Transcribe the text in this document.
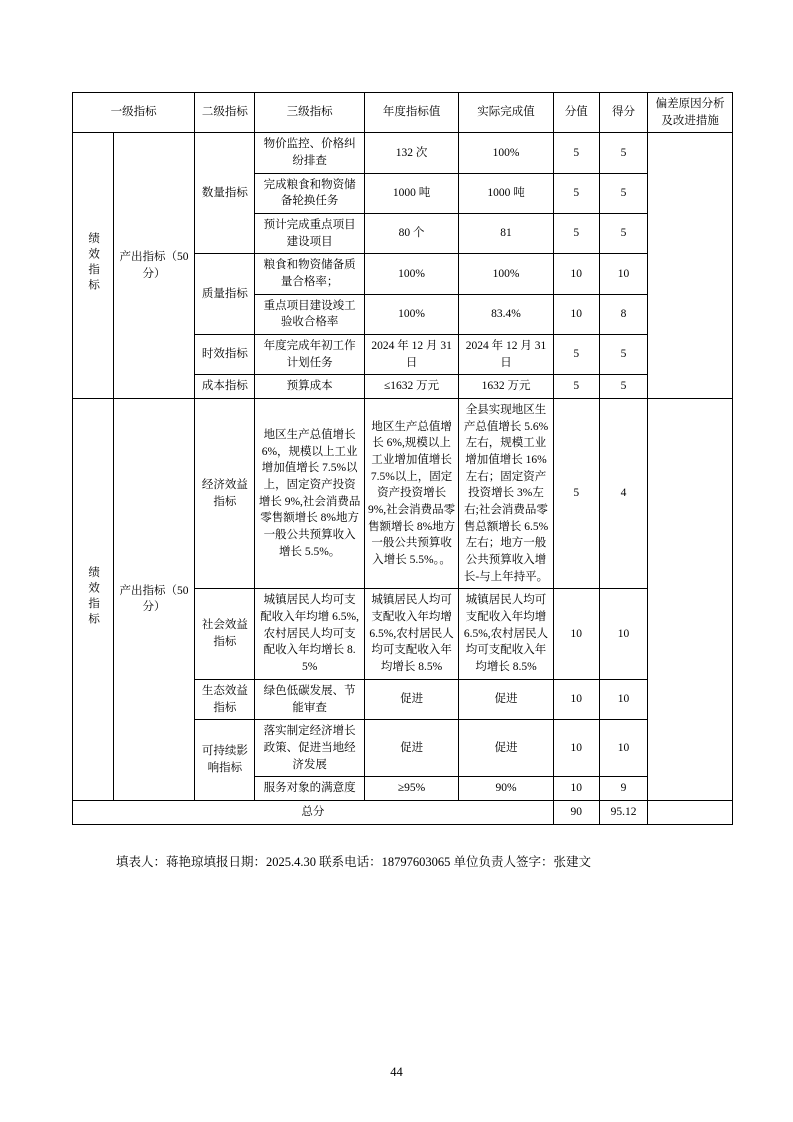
一级指标		二级指标	三级指标	年度指标值	实际完成值	分值	得分	偏差原因分析及改进措施
绩效指标	产出指标（50 分）	数量指标	物价监控、价格纠纷排查	132 次	100%	5	5	
			完成粮食和物资储备轮换任务	1000 吨	1000 吨	5	5	
			预计完成重点项目建设项目	80 个	81	5	5	
		质量指标	粮食和物资储备质量合格率；	100%	100%	10	10	
			重点项目建设竣工验收合格率	100%	83.4%	10	8	
		时效指标	年度完成年初工作计划任务	2024 年 12 月 31 日	2024 年 12 月 31 日	5	5	
		成本指标	预算成本	≤1632 万元	1632 万元	5	5	
绩效指标	产出指标（50 分）	经济效益指标	地区生产总值增长 6%，规模以上工业增加值增长 7.5%以上，固定资产投资增长 9%,社会消费品零售额增长 8%地方一般公共预算收入增长 5.5%。	地区生产总值增长 6%,规模以上工业增加值增长 7.5%以上，固定资产投资增长 9%,社会消费品零售额增长 8%地方一般公共预算收入增长 5.5%。。	全县实现地区生产总值增长 5.6%左右，规模工业增加值增长 16%左右；固定资产投资增长 3%左右;社会消费品零售总额增长 6.5%左右；地方一般公共预算收入增长-与上年持平。	5	4	
		社会效益指标	城镇居民人均可支配收入年均增 6.5%,农村居民人均可支配收入年均增长 8.5%	城镇居民人均可支配收入年均增 6.5%,农村居民人均可支配收入年均增长 8.5%	城镇居民人均可支配收入年均增 6.5%,农村居民人均可支配收入年均增长 8.5%	10	10	
		生态效益指标	绿色低碳发展、节能审查	促进	促进	10	10	
		可持续影响指标	落实制定经济增长政策、促进当地经济发展	促进	促进	10	10	
			服务对象的满意度	≥95%	90%	10	9	
总分						90	95.12	
填表人：蒋艳琼填报日期：2025.4.30 联系电话：18797603065 单位负责人签字：张建文
44
